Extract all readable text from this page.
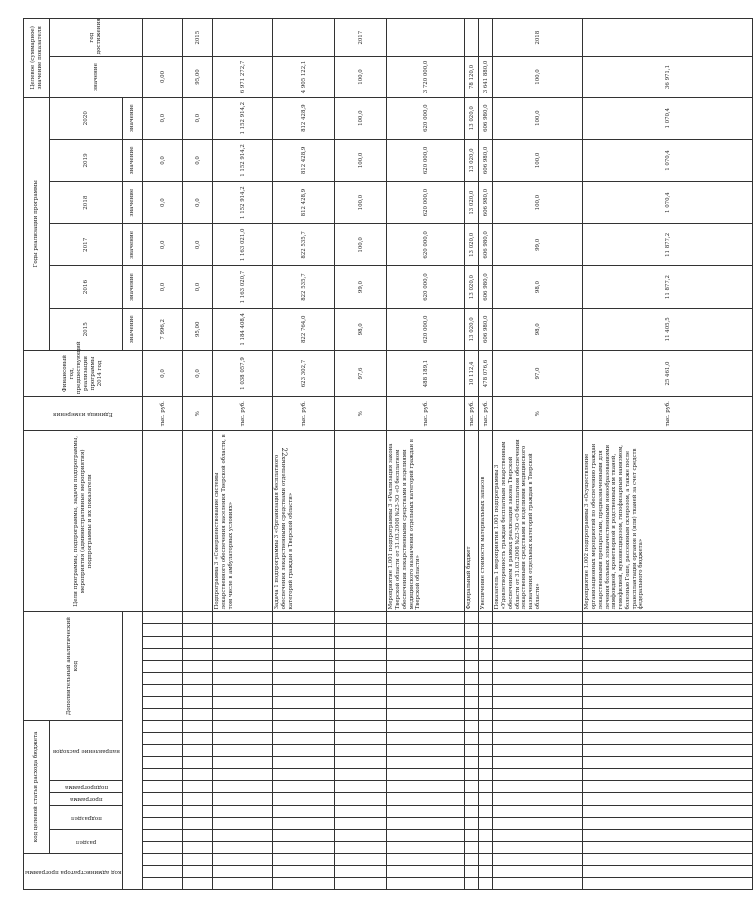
22
код администратора программы			код целевой статьи расхода бюджета											Дополнительный аналитический код									Цели программы, подпрограммы, задачи подпрограммы, мероприятия (административные мероприятия) подпрограммы и их показатели	Единица измерения	Финансовый год, предшествующий реализации программы 2014 год	Годы реализации программы						Целевое (суммарное) значение показателя	

			раздел		подраздел		программа	подпрограмма	направление расходов																	2015	2016	2017	2018	2019	2020	значение	год достижения
																										значение	значение	значение	значение	значение	значение		
																								тыс. руб.	0,0	7 996,2	0,0	0,0	0,0	0,0	0,0	0,00	
																								%	0,0	95,00	0,0	0,0	0,0	0,0	0,0	95,00	2015
																							Подпрограмма 3 «Совершенствование системы лекарственного обеспечения населения Тверской области, в том числе в амбулаторных условиях»	тыс. руб.	1 038 057,9	1 184 408,4	1 163 020,7	1 163 021,0	1 152 914,2	1 152 914,2	1 152 914,2	6 971 272,7	
																							Задача 1 подпрограммы 3 «Организация бесплатного обеспечения лекарственными средствами отдельных категорий граждан в Тверской области»	тыс. руб.	623 302,7	822 764,0	822 535,7	822 535,7	812 428,9	812 428,9	812 428,9	4 905 122,1	
																								%	97,6	98,0	99,0	100,0	100,0	100,0	100,0	100,0	2017
																							Мероприятие 1.001 подпрограммы 3 «Реализация закона Тверской области от 31.03.2008 №23-ЗО «О бесплатном обеспечении лекарственными средствами и изделиями медицинского назначения отдельных категорий граждан в Тверской области»	тыс. руб.	488 189,1	620 000,0	620 000,0	620 000,0	620 000,0	620 000,0	620 000,0	3 720 000,0	
																							Федеральный бюджет	тыс. руб.	10 112,4	13 020,0	13 020,0	13 020,0	13 020,0	13 020,0	13 020,0	78 120,0	
																							Увеличение стоимости материальных запасов	тыс. руб.	478 076,6	606 980,0	606 980,0	606 980,0	606 980,0	606 980,0	606 980,0	3 641 880,0	
																							Показатель 1 мероприятия 1.001 подпрограммы 3 «Удовлетворенность граждан бесплатным лекарственным обеспечением в рамках реализации закона Тверской области от 31.03.2008 №23-ЗО «О бесплатном обеспечении лекарственными средствами и изделиями медицинского назначения отдельных категорий граждан в Тверской области»	%	97,0	98,0	98,0	99,0	100,0	100,0	100,0	100,0	2018
																							Мероприятие 1.002 подпрограммы 3 «Осуществление организационных мероприятий по обеспечению граждан лекарственными препаратами, предназначенными для лечения больных злокачественными новообразованиями лимфоидной, кроветворной и родственных им тканей, гемофилией, муковисцидозом, гипофизарным нанизмом, болезнью Гоше, рассеянным склерозом, а также после трансплантации органов и (или) тканей за счет средств федерального бюджета»	тыс. руб.	25 461,0	11 405,5	11 877,2	11 877,2	1 070,4	1 070,4	1 070,4	36 971,1	
